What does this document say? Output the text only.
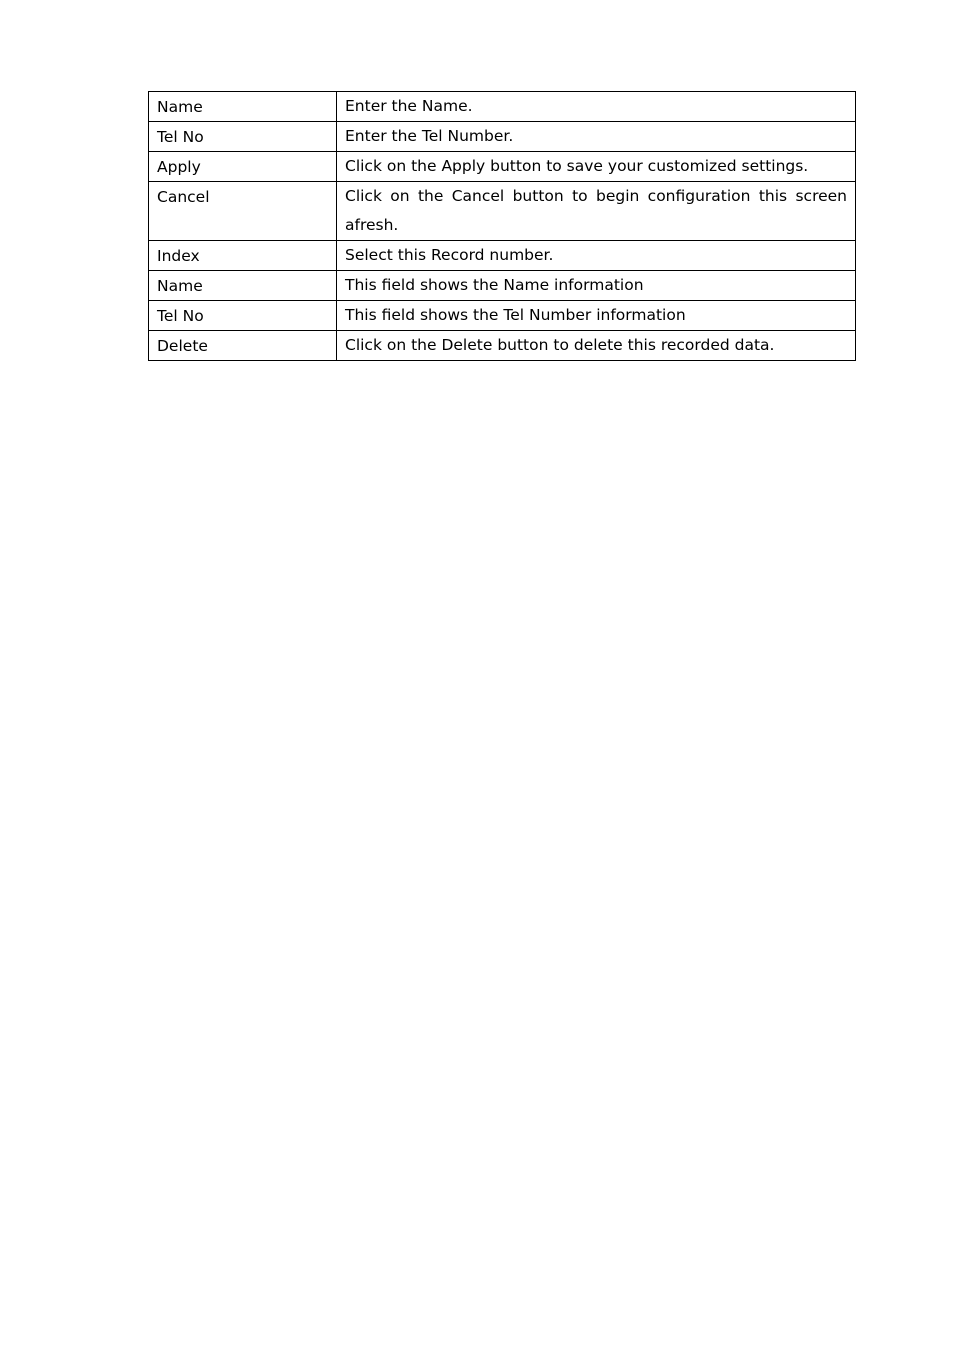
Name	Enter the Name.
Tel No	Enter the Tel Number.
Apply	Click on the Apply button to save your customized settings.
Cancel	Click on the Cancel button to begin configuration this screen afresh.
Index	Select this Record number.
Name	This field shows the Name information
Tel No	This field shows the Tel Number information
Delete	Click on the Delete button to delete this recorded data.
